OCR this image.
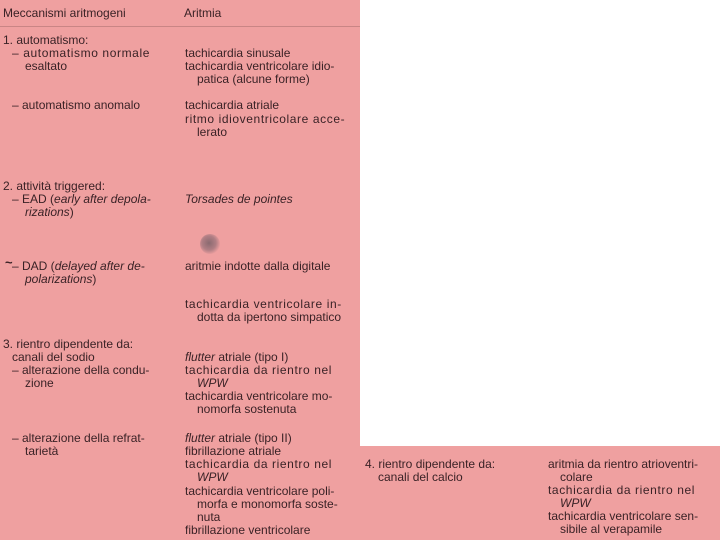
Meccanismi aritmogeni	Aritmia
1. automatismo:
– automatismo normale
esaltato
tachicardia sinusale
tachicardia ventricolare idio-
patica (alcune forme)
– automatismo anomalo	tachicardia atriale
ritmo idioventricolare acce-
lerato
2. attività triggered:
– EAD (early after depola-
rizations)
Torsades de pointes
~ – DAD (delayed after de-
polarizations)
aritmie indotte dalla digitale
tachicardia ventricolare in-
dotta da ipertono simpatico
3. rientro dipendente da:
canali del sodio
– alterazione della condu-
zione
flutter atriale (tipo I)
tachicardia da rientro nel
WPW
tachicardia ventricolare mo-
nomorfa sostenuta
– alterazione della refrat-
tarietà
flutter atriale (tipo II)
fibrillazione atriale
tachicardia da rientro nel
WPW
tachicardia ventricolare poli-
morfa e monomorfa soste-
nuta
fibrillazione ventricolare
4. rientro dipendente da:
canali del calcio
aritmia da rientro atrioventri-
colare
tachicardia da rientro nel
WPW
tachicardia ventricolare sen-
sibile al verapamile
